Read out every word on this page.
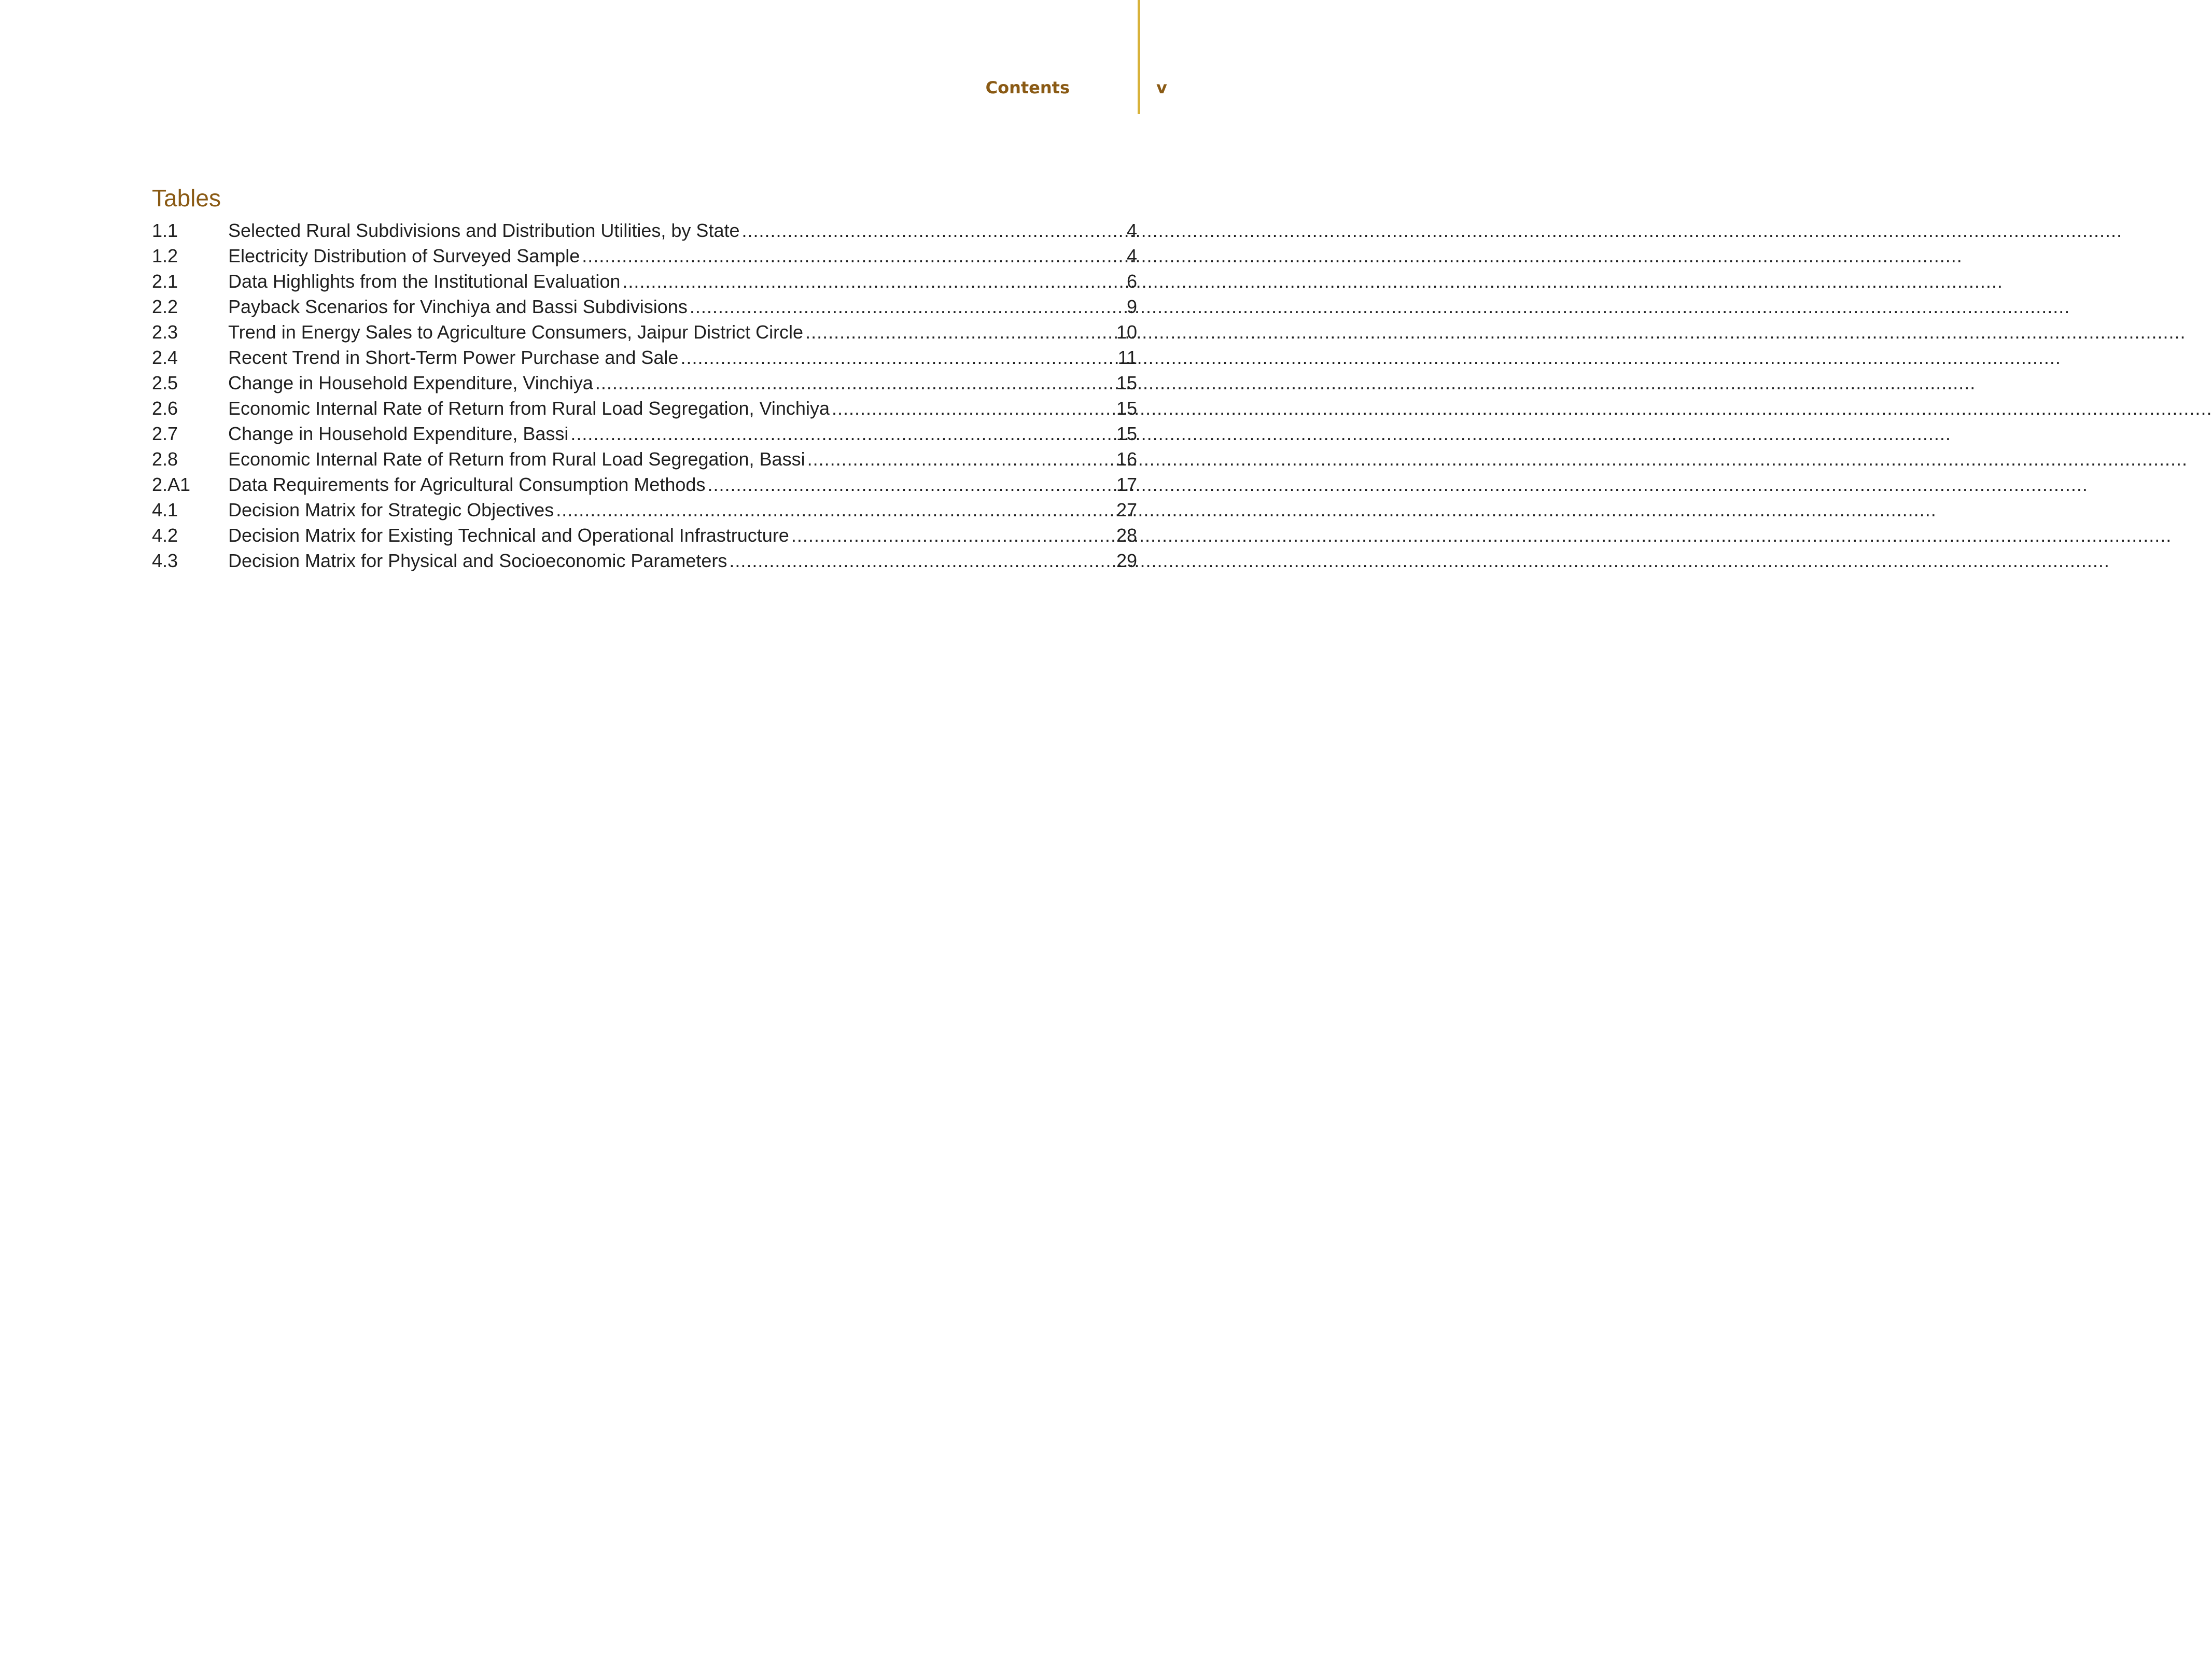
Contents	v
Tables
1.1	Selected Rural Subdivisions and Distribution Utilities, by State .....	4
1.2	Electricity Distribution of Surveyed Sample .....	4
2.1	Data Highlights from the Institutional Evaluation .....	6
2.2	Payback Scenarios for Vinchiya and Bassi Subdivisions .....	9
2.3	Trend in Energy Sales to Agriculture Consumers, Jaipur District Circle .....	10
2.4	Recent Trend in Short-Term Power Purchase and Sale .....	11
2.5	Change in Household Expenditure, Vinchiya .....	15
2.6	Economic Internal Rate of Return from Rural Load Segregation, Vinchiya .....	15
2.7	Change in Household Expenditure, Bassi .....	15
2.8	Economic Internal Rate of Return from Rural Load Segregation, Bassi .....	16
2.A1	Data Requirements for Agricultural Consumption Methods .....	17
4.1	Decision Matrix for Strategic Objectives .....	27
4.2	Decision Matrix for Existing Technical and Operational Infrastructure .....	28
4.3	Decision Matrix for Physical and Socioeconomic Parameters .....	29
